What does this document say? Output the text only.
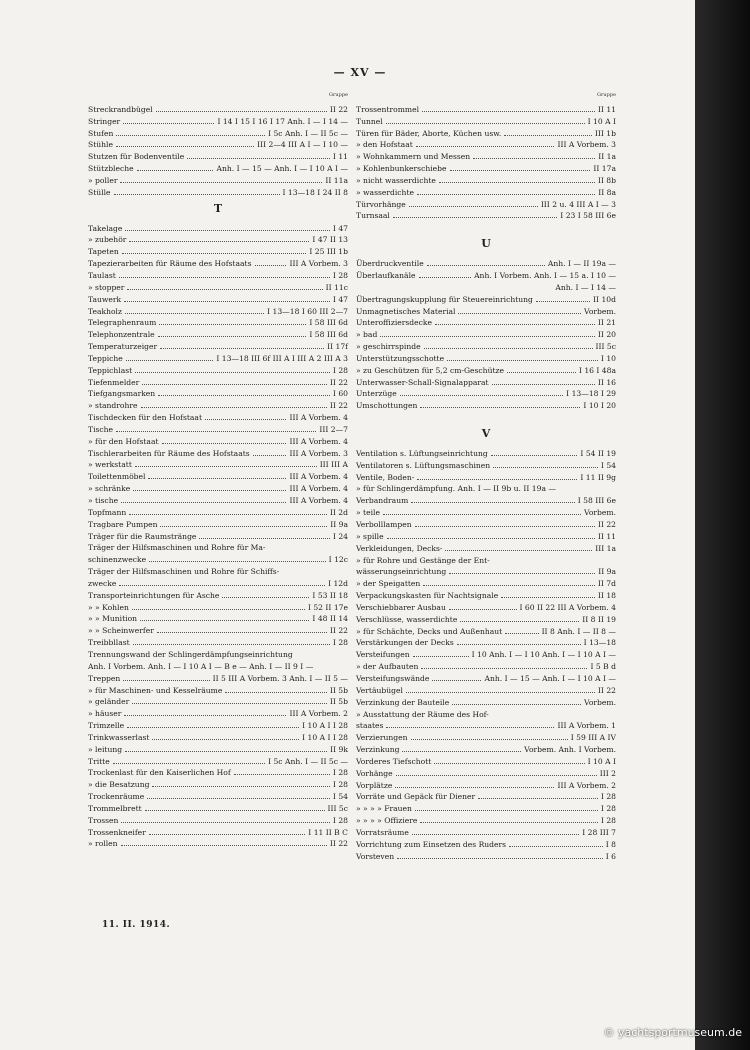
— XV —
Gruppe
Streckrandbügel	II 22
Stringer	I 14 I 15 I 16 I 17 Anh. I — I 14 —
Stufen	I 5c Anh. I — II 5c —
Stühle	III 2—4 III A I — I 10 —
Stutzen für Bodenventile	I 11
Stützbleche	Anh. I — 15 — Anh. I — I 10 A I —
» poller	II 11a
Stülle	I 13—18 I 24 II 8
T
Takelage	I 47
» zubehör	I 47 II 13
Tapeten	I 25 III 1b
Tapezierarbeiten für Räume des Hofstaats	III A Vorbem. 3
Taulast	I 28
» stopper	II 11c
Tauwerk	I 47
Teakholz	I 13—18 I 60 III 2—7
Telegraphenraum	I 58 III 6d
Telephonzentrale	I 58 III 6d
Temperaturzeiger	II 17f
Teppiche	I 13—18 III 6f III A I III A 2 III A 3
Teppichlast	I 28
Tiefenmelder	II 22
Tiefgangsmarken	I 60
» standrohre	II 22
Tischdecken für den Hofstaat	III A Vorbem. 4
Tische	III 2—7
» für den Hofstaat	III A Vorbem. 4
Tischlerarbeiten für Räume des Hofstaats	III A Vorbem. 3
» werkstatt	III III A
Toilettenmöbel	III A Vorbem. 4
» schränke	III A Vorbem. 4
» tische	III A Vorbem. 4
Topfmann	II 2d
Tragbare Pumpen	II 9a
Träger für die Raumstränge	I 24
Träger der Hilfsmaschinen und Rohre für Ma-
schinenzwecke	I 12c
Träger der Hilfsmaschinen und Rohre für Schiffs-
zwecke	I 12d
Transporteinrichtungen für Asche	I 53 II 18
» » Kohlen	I 52 II 17e
» » Munition	I 48 II 14
» » Scheinwerfer	II 22
Treibbllast	I 28
Trennungswand der Schlingerdämpfungseinrichtung
Anh. I Vorbem. Anh. I — I 10 A I — B e — Anh. I — II 9 I —
Treppen	II 5 III A Vorbem. 3 Anh. I — II 5 —
» für Maschinen- und Kesselräume	II 5b
» geländer	II 5b
» häuser	III A Vorbem. 2
Trimzelle	I 10 A I I 28
Trinkwasserlast	I 10 A I I 28
» leitung	II 9k
Tritte	I 5c Anh. I — II 5c —
Trockenlast für den Kaiserlichen Hof	I 28
» die Besatzung	I 28
Trockenräume	I 54
Trommelbrett	III 5c
Trossen	I 28
Trossenkneifer	I 11 II B C
» rollen	II 22
Gruppe
Trossentrommel	II 11
Tunnel	I 10 A I
Türen für Bäder, Aborte, Küchen usw.	III 1b
» den Hofstaat	III A Vorbem. 3
» Wohnkammern und Messen	II 1a
» Kohlenbunkerschiebe	II 17a
» nicht wasserdichte	II 8b
» wasserdichte	II 8a
Türvorhänge	III 2 u. 4 III A I — 3
Turnsaal	I 23 I 58 III 6e
U
Überdruckventile	Anh. I — II 19a —
Überlaufkanäle	Anh. I Vorbem. Anh. I — 15 a. I 10 —
Anh. I — I 14 —
Übertragungskupplung für Steuereinrichtung	II 10d
Unmagnetisches Material	Vorbem.
Unteroffiziersdecke	II 21
» bad	II 20
» geschirrspinde	III 5c
Unterstützungsschotte	I 10
» zu Geschützen für 5,2 cm-Geschütze	I 16 I 48a
Unterwasser-Schall-Signalapparat	II 16
Unterzüge	I 13—18 I 29
Umschottungen	I 10 I 20
V
Ventilation s. Lüftungseinrichtung	I 54 II 19
Ventilatoren s. Lüftungsmaschinen	I 54
Ventile, Boden-	I 11 II 9g
» für Schlingerdämpfung. Anh. I — II 9b u. II 19a —
Verbandraum	I 58 III 6e
» teile	Vorbem.
Verbolllampen	II 22
» spille	II 11
Verkleidungen, Decks-	III 1a
» für Rohre und Gestänge der Ent-
wässerungseinrichtung	II 9a
» der Speigatten	II 7d
Verpackungskasten für Nachtsignale	II 18
Verschiebbarer Ausbau	I 60 II 22 III A Vorbem. 4
Verschlüsse, wasserdichte	II 8 II 19
» für Schächte, Decks und Außenhaut	II 8 Anh. I — II 8 —
Verstärkungen der Decks	I 13—18
Versteifungen	I 10 Anh. I — I 10 Anh. I — I 10 A I —
» der Aufbauten	I 5 B d
Versteifungswände	Anh. I — 15 — Anh. I — I 10 A I —
Vertäubügel	II 22
Verzinkung der Bauteile	Vorbem.
» Ausstattung der Räume des Hof-
staates	III A Vorbem. 1
Verzierungen	I 59 III A IV
Verzinkung	Vorbem. Anh. I Vorbem.
Vorderes Tiefschott	I 10 A I
Vorhänge	III 2
Vorplätze	III A Vorbem. 2
Vorräte und Gepäck für Diener	I 28
» » » » Frauen	I 28
» » » » Offiziere	I 28
Vorratsräume	I 28 III 7
Vorrichtung zum Einsetzen des Ruders	I 8
Vorsteven	I 6
11. II. 1914.
© yachtsportmuseum.de
